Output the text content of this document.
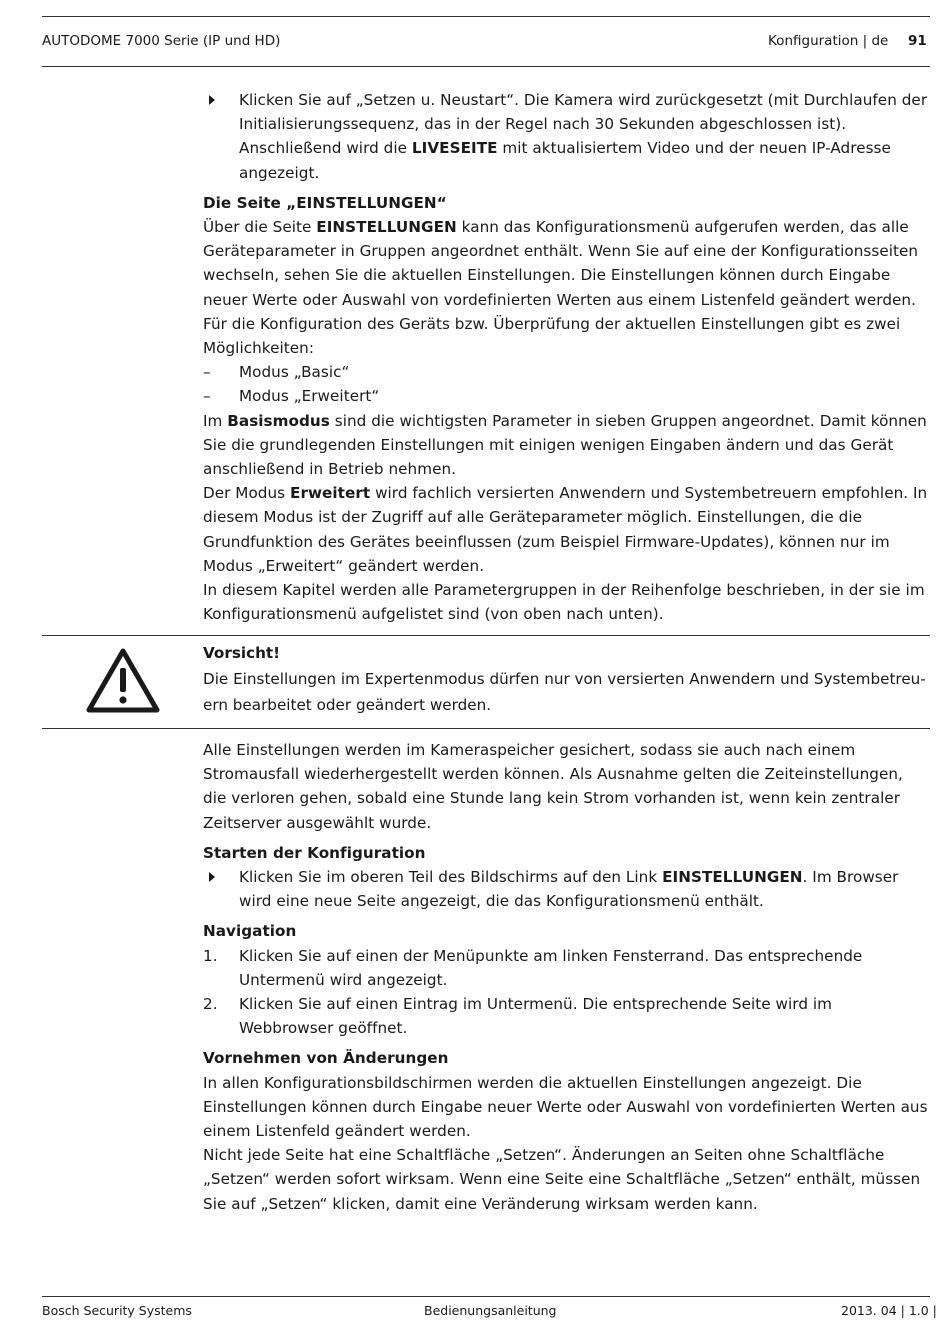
AUTODOME 7000 Serie (IP und HD)	Konfiguration | de 91

Klicken Sie auf „Setzen u. Neustart“. Die Kamera wird zurückgesetzt (mit Durchlaufen der Initialisierungssequenz, das in der Regel nach 30 Sekunden abgeschlossen ist). Anschließend wird die LIVESEITE mit aktualisiertem Video und der neuen IP-Adresse angezeigt.

Die Seite „EINSTELLUNGEN“

Über die Seite EINSTELLUNGEN kann das Konfigurationsmenü aufgerufen werden, das alle Geräteparameter in Gruppen angeordnet enthält. Wenn Sie auf eine der Konfigurationsseiten wechseln, sehen Sie die aktuellen Einstellungen. Die Einstellungen können durch Eingabe neuer Werte oder Auswahl von vordefinierten Werten aus einem Listenfeld geändert werden.

Für die Konfiguration des Geräts bzw. Überprüfung der aktuellen Einstellungen gibt es zwei Möglichkeiten:

–	Modus „Basic“

–	Modus „Erweitert“

Im Basismodus sind die wichtigsten Parameter in sieben Gruppen angeordnet. Damit können Sie die grundlegenden Einstellungen mit einigen wenigen Eingaben ändern und das Gerät anschließend in Betrieb nehmen.

Der Modus Erweitert wird fachlich versierten Anwendern und Systembetreuern empfohlen. In diesem Modus ist der Zugriff auf alle Geräteparameter möglich. Einstellungen, die die Grundfunktion des Gerätes beeinflussen (zum Beispiel Firmware-Updates), können nur im Modus „Erweitert“ geändert werden.

In diesem Kapitel werden alle Parametergruppen in der Reihenfolge beschrieben, in der sie im Konfigurationsmenü aufgelistet sind (von oben nach unten).

Vorsicht!
Die Einstellungen im Expertenmodus dürfen nur von versierten Anwendern und Systembetreuern bearbeitet oder geändert werden.

Alle Einstellungen werden im Kameraspeicher gesichert, sodass sie auch nach einem Stromausfall wiederhergestellt werden können. Als Ausnahme gelten die Zeiteinstellungen, die verloren gehen, sobald eine Stunde lang kein Strom vorhanden ist, wenn kein zentraler Zeitserver ausgewählt wurde.

Starten der Konfiguration

Klicken Sie im oberen Teil des Bildschirms auf den Link EINSTELLUNGEN. Im Browser wird eine neue Seite angezeigt, die das Konfigurationsmenü enthält.

Navigation

1.	Klicken Sie auf einen der Menüpunkte am linken Fensterrand. Das entsprechende Untermenü wird angezeigt.

2.	Klicken Sie auf einen Eintrag im Untermenü. Die entsprechende Seite wird im Webbrowser geöffnet.

Vornehmen von Änderungen

In allen Konfigurationsbildschirmen werden die aktuellen Einstellungen angezeigt. Die Einstellungen können durch Eingabe neuer Werte oder Auswahl von vordefinierten Werten aus einem Listenfeld geändert werden.

Nicht jede Seite hat eine Schaltfläche „Setzen“. Änderungen an Seiten ohne Schaltfläche „Setzen“ werden sofort wirksam. Wenn eine Seite eine Schaltfläche „Setzen“ enthält, müssen Sie auf „Setzen“ klicken, damit eine Veränderung wirksam werden kann.

Bosch Security Systems	Bedienungsanleitung	2013. 04 | 1.0 |
